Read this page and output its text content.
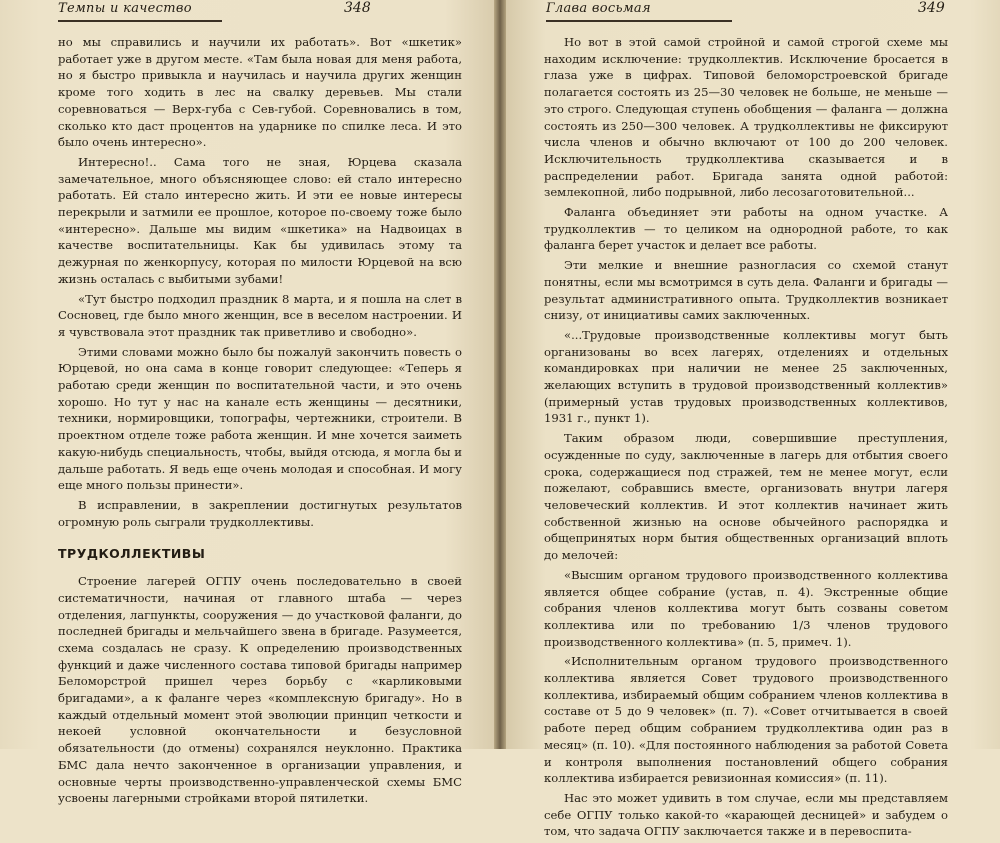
Темпы и качество	348

но мы справились и научили их работать». Вот «шкетик» работает уже в другом месте. «Там была новая для меня работа, но я быстро привыкла и научилась и научила других женщин кроме того ходить в лес на свалку деревьев. Мы стали соревноваться — Верх-губа с Сев-губой. Соревновались в том, сколько кто даст процентов на ударнике по спилке леса. И это было очень интересно».

Интересно!.. Сама того не зная, Юрцева сказала замечательное, много объясняющее слово: ей стало интересно работать. Ей стало интересно жить. И эти ее новые интересы перекрыли и затмили ее прошлое, которое по-своему тоже было «интересно». Дальше мы видим «шкетика» на Надвоицах в качестве воспитательницы. Как бы удивилась этому та дежурная по женкорпусу, которая по милости Юрцевой на всю жизнь осталась с выбитыми зубами!

«Тут быстро подходил праздник 8 марта, и я пошла на слет в Сосновец, где было много женщин, все в веселом настроении. И я чувствовала этот праздник так приветливо и свободно».

Этими словами можно было бы пожалуй закончить повесть о Юрцевой, но она сама в конце говорит следующее: «Теперь я работаю среди женщин по воспитательной части, и это очень хорошо. Но тут у нас на канале есть женщины — десятники, техники, нормировщики, топографы, чертежники, строители. В проектном отделе тоже работа женщин. И мне хочется заиметь какую-нибудь специальность, чтобы, выйдя отсюда, я могла бы и дальше работать. Я ведь еще очень молодая и способная. И могу еще много пользы принести».

В исправлении, в закреплении достигнутых результатов огромную роль сыграли трудколлективы.

ТРУДКОЛЛЕКТИВЫ

Строение лагерей ОГПУ очень последовательно в своей систематичности, начиная от главного штаба — через отделения, лагпункты, сооружения — до участковой фаланги, до последней бригады и мельчайшего звена в бригаде. Разумеется, схема создалась не сразу. К определению производственных функций и даже численного состава типовой бригады например Беломорстрой пришел через борьбу с «карликовыми бригадами», а к фаланге через «комплексную бригаду». Но в каждый отдельный момент этой эволюции принцип четкости и некоей условной окончательности и безусловной обязательности (до отмены) сохранялся неуклонно. Практика БМС дала нечто законченное в организации управления, и основные черты производственно-управленческой схемы БМС усвоены лагерными стройками второй пятилетки.

Глава восьмая	349

Но вот в этой самой стройной и самой строгой схеме мы находим исключение: трудколлектив. Исключение бросается в глаза уже в цифрах. Типовой беломорстроевской бригаде полагается состоять из 25—30 человек не больше, не меньше — это строго. Следующая ступень обобщения — фаланга — должна состоять из 250—300 человек. А трудколлективы не фиксируют числа членов и обычно включают от 100 до 200 человек. Исключительность трудколлектива сказывается и в распределении работ. Бригада занята одной работой: землекопной, либо подрывной, либо лесозаготовительной...

Фаланга объединяет эти работы на одном участке. А трудколлектив — то целиком на однородной работе, то как фаланга берет участок и делает все работы.

Эти мелкие и внешние разногласия со схемой станут понятны, если мы всмотримся в суть дела. Фаланги и бригады — результат административного опыта. Трудколлектив возникает снизу, от инициативы самих заключенных.

«...Трудовые производственные коллективы могут быть организованы во всех лагерях, отделениях и отдельных командировках при наличии не менее 25 заключенных, желающих вступить в трудовой производственный коллектив» (примерный устав трудовых производственных коллективов, 1931 г., пункт 1).

Таким образом люди, совершившие преступления, осужденные по суду, заключенные в лагерь для отбытия своего срока, содержащиеся под стражей, тем не менее могут, если пожелают, собравшись вместе, организовать внутри лагеря человеческий коллектив. И этот коллектив начинает жить собственной жизнью на основе обычейного распорядка и общепринятых норм бытия общественных организаций вплоть до мелочей:

«Высшим органом трудового производственного коллектива является общее собрание (устав, п. 4). Экстренные общие собрания членов коллектива могут быть созваны советом коллектива или по требованию 1/3 членов трудового производственного коллектива» (п. 5, примеч. 1).

«Исполнительным органом трудового производственного коллектива является Совет трудового производственного коллектива, избираемый общим собранием членов коллектива в составе от 5 до 9 человек» (п. 7). «Совет отчитывается в своей работе перед общим собранием трудколлектива один раз в месяц» (п. 10). «Для постоянного наблюдения за работой Совета и контроля выполнения постановлений общего собрания коллектива избирается ревизионная комиссия» (п. 11).

Нас это может удивить в том случае, если мы представляем себе ОГПУ только какой-то «карающей десницей» и забудем о том, что задача ОГПУ заключается также и в перевоспита-
